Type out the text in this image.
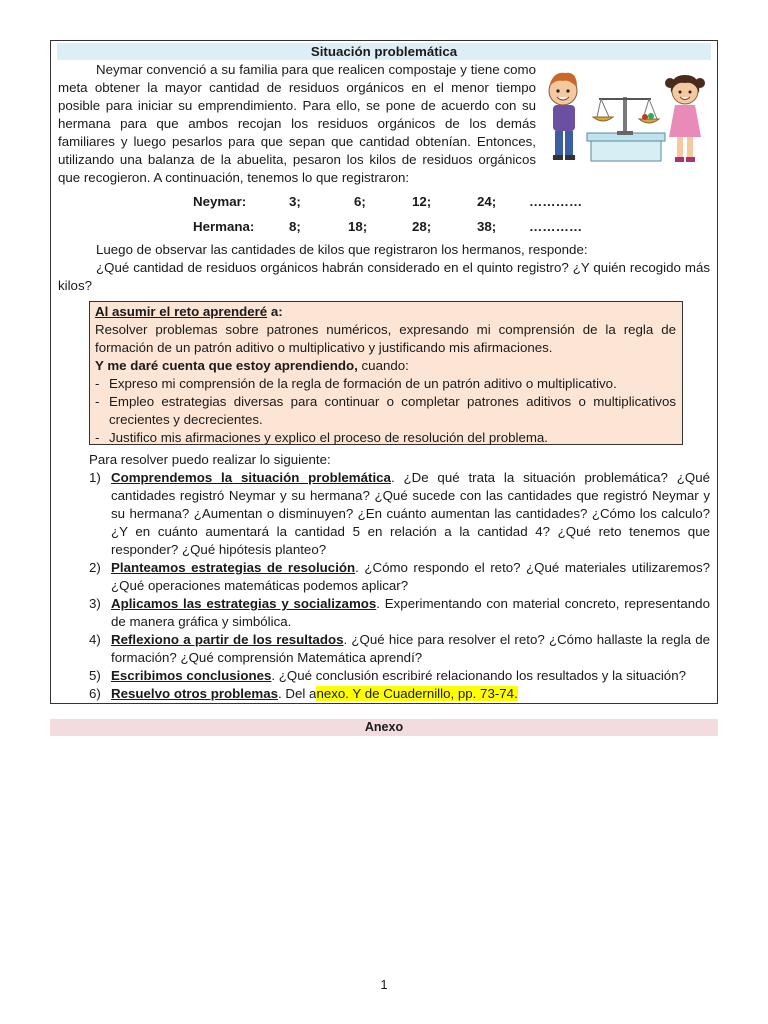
Situación problemática
Neymar convenció a su familia para que realicen compostaje y tiene como meta obtener la mayor cantidad de residuos orgánicos en el menor tiempo posible para iniciar su emprendimiento. Para ello, se pone de acuerdo con su hermana para que ambos recojan los residuos orgánicos de los demás familiares y luego pesarlos para que sepan que cantidad obtenían. Entonces, utilizando una balanza de la abuelita, pesaron los kilos de residuos orgánicos que recogieron. A continuación, tenemos lo que registraron:
Neymar:	3;	6;	12;	24; …………
Hermana:	8;	18;	28;	38; …………
Luego de observar las cantidades de kilos que registraron los hermanos, responde:
¿Qué cantidad de residuos orgánicos habrán considerado en el quinto registro? ¿Y quién recogido más kilos?
Al asumir el reto aprenderé a:
Resolver problemas sobre patrones numéricos, expresando mi comprensión de la regla de formación de un patrón aditivo o multiplicativo y justificando mis afirmaciones.
Y me daré cuenta que estoy aprendiendo, cuando:
- Expreso mi comprensión de la regla de formación de un patrón aditivo o multiplicativo.
- Empleo estrategias diversas para continuar o completar patrones aditivos o multiplicativos crecientes y decrecientes.
- Justifico mis afirmaciones y explico el proceso de resolución del problema.
Para resolver puedo realizar lo siguiente:
1) Comprendemos la situación problemática. ¿De qué trata la situación problemática? ¿Qué cantidades registró Neymar y su hermana? ¿Qué sucede con las cantidades que registró Neymar y su hermana? ¿Aumentan o disminuyen? ¿En cuánto aumentan las cantidades? ¿Cómo los calculo? ¿Y en cuánto aumentará la cantidad 5 en relación a la cantidad 4? ¿Qué reto tenemos que responder? ¿Qué hipótesis planteo?
2) Planteamos estrategias de resolución. ¿Cómo respondo el reto? ¿Qué materiales utilizaremos? ¿Qué operaciones matemáticas podemos aplicar?
3) Aplicamos las estrategias y socializamos. Experimentando con material concreto, representando de manera gráfica y simbólica.
4) Reflexiono a partir de los resultados. ¿Qué hice para resolver el reto? ¿Cómo hallaste la regla de formación? ¿Qué comprensión Matemática aprendí?
5) Escribimos conclusiones. ¿Qué conclusión escribiré relacionando los resultados y la situación?
6) Resuelvo otros problemas. Del anexo. Y de Cuadernillo, pp. 73-74.
Anexo
1
